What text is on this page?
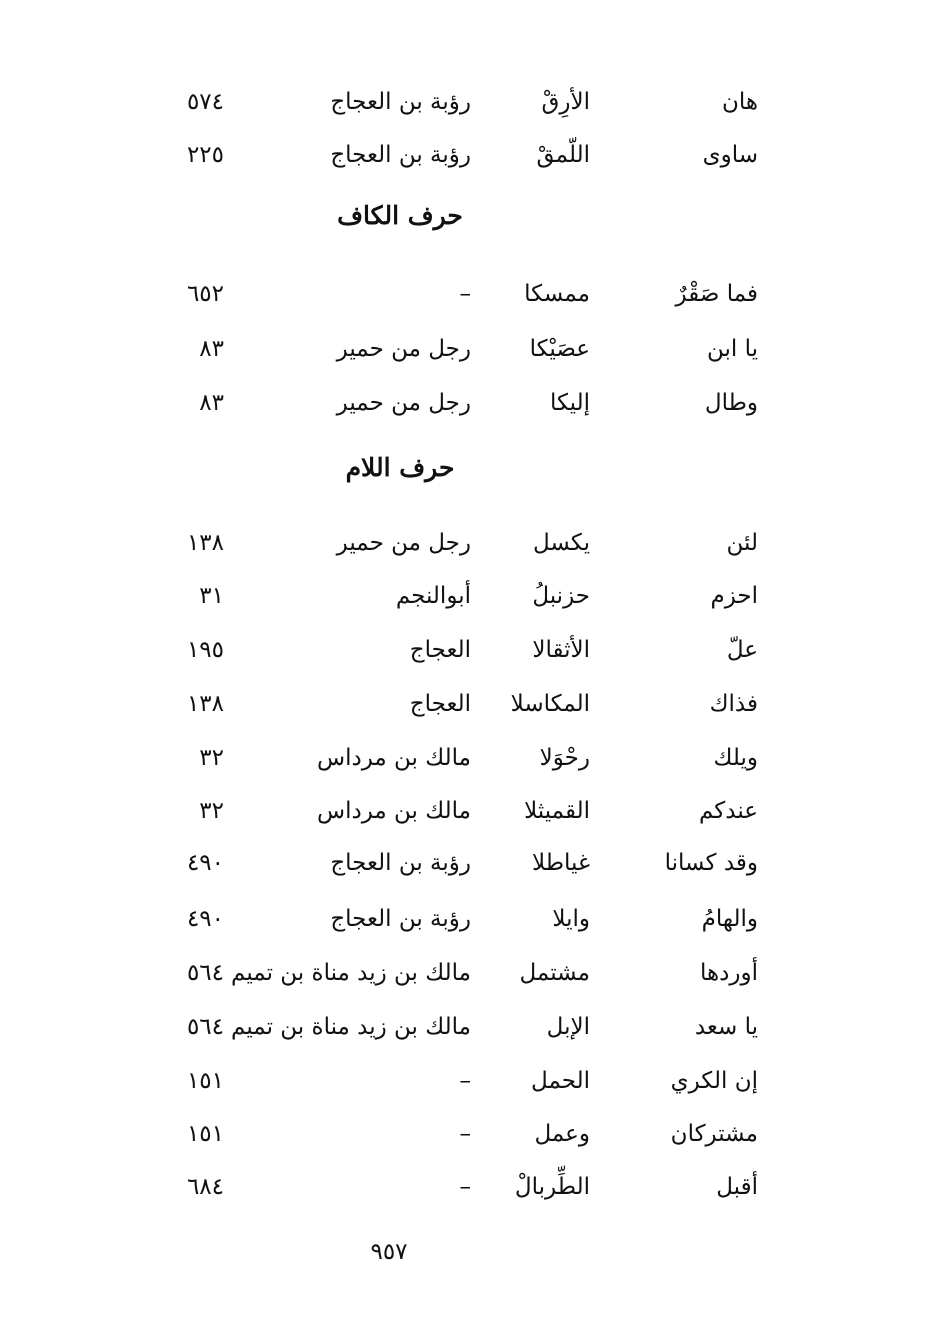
هان
الأرِقْ
رؤبة بن العجاج
٥٧٤
ساوى
اللّمقْ
رؤبة بن العجاج
٢٢٥
حرف الكاف
فما صَقْرٌ
ممسكا
–
٦٥٢
يا ابن
عصَيْكا
رجل من حمير
٨٣
وطال
إليكا
رجل من حمير
٨٣
حرف اللام
لئن
يكسل
رجل من حمير
١٣٨
احزم
حزنبلُ
أبوالنجم
٣١
علّ
الأثقالا
العجاج
١٩٥
فذاك
المكاسلا
العجاج
١٣٨
ويلك
رحْوَلا
مالك بن مرداس
٣٢
عندكم
القميثلا
مالك بن مرداس
٣٢
وقد كسانا
غياطلا
رؤبة بن العجاج
٤٩٠
والهامُ
وايلا
رؤبة بن العجاج
٤٩٠
أوردها
مشتمل
مالك بن زيد مناة بن تميم
٥٦٤
يا سعد
الإبل
مالك بن زيد مناة بن تميم
٥٦٤
إن الكري
الحمل
–
١٥١
مشتركان
وعمل
–
١٥١
أقبل
الطِّربالْ
–
٦٨٤
٩٥٧
